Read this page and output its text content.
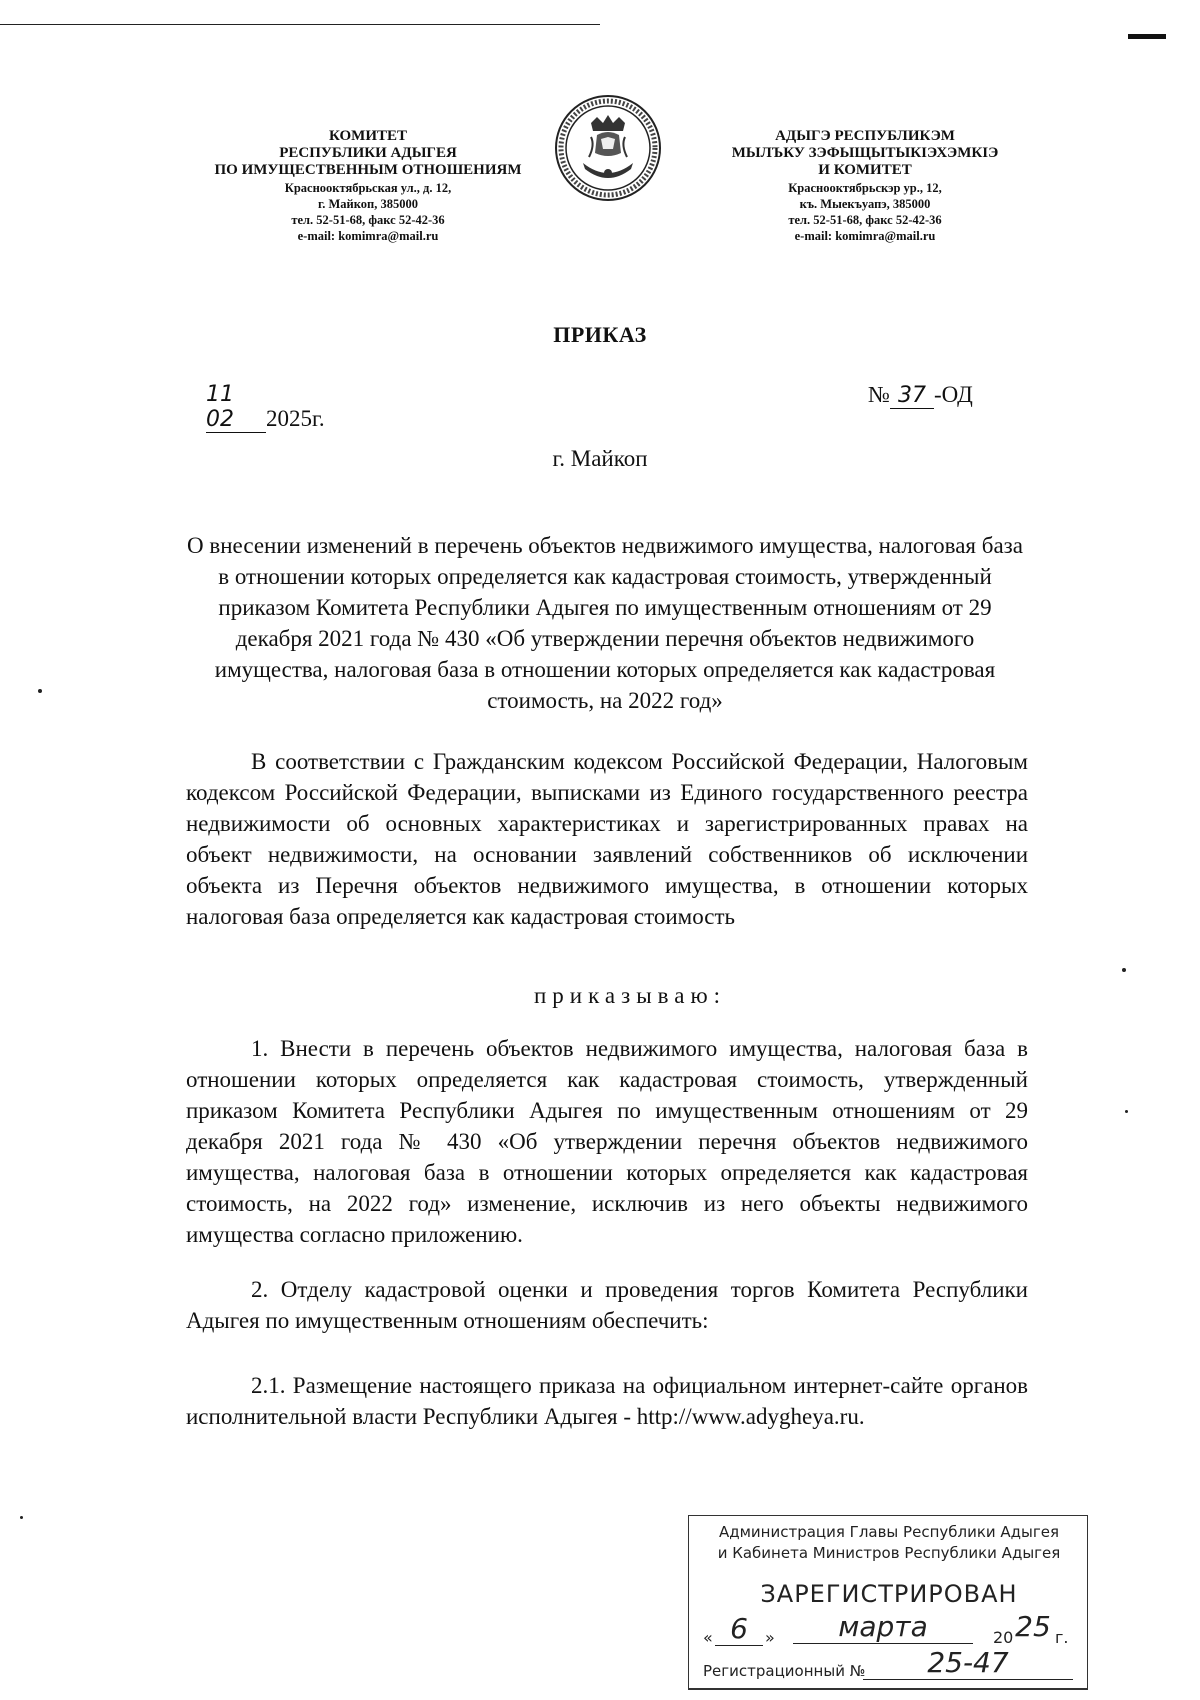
КОМИТЕТ
РЕСПУБЛИКИ АДЫГЕЯ
ПО ИМУЩЕСТВЕННЫМ ОТНОШЕНИЯМ
Краснооктябрьская ул., д. 12,
г. Майкоп, 385000
тел. 52-51-68, факс 52-42-36
e-mail: komimra@mail.ru
АДЫГЭ РЕСПУБЛИКЭМ
МЫЛЪКУ ЗЭФЫЩЫТЫКIЭХЭМКIЭ
И КОМИТЕТ
Краснооктябрьскэр ур., 12,
къ. Мыекъуапэ, 385000
тел. 52-51-68, факс 52-42-36
e-mail: komimra@mail.ru
ПРИКАЗ
11 02 2025г.
№ 37 -ОД
г. Майкоп
О внесении изменений в перечень объектов недвижимого имущества, налоговая база в отношении которых определяется как кадастровая стоимость, утвержденный приказом Комитета Республики Адыгея по имущественным отношениям от 29 декабря 2021 года № 430 «Об утверждении перечня объектов недвижимого имущества, налоговая база в отношении которых определяется как кадастровая стоимость, на 2022 год»

В соответствии с Гражданским кодексом Российской Федерации, Налоговым кодексом Российской Федерации, выписками из Единого государственного реестра недвижимости об основных характеристиках и зарегистрированных правах на объект недвижимости, на основании заявлений собственников об исключении объекта из Перечня объектов недвижимого имущества, в отношении которых налоговая база определяется как кадастровая стоимость

приказываю:

1. Внести в перечень объектов недвижимого имущества, налоговая база в отношении которых определяется как кадастровая стоимость, утвержденный приказом Комитета Республики Адыгея по имущественным отношениям от 29 декабря 2021 года № 430 «Об утверждении перечня объектов недвижимого имущества, налоговая база в отношении которых определяется как кадастровая стоимость, на 2022 год» изменение, исключив из него объекты недвижимого имущества согласно приложению.

2. Отделу кадастровой оценки и проведения торгов Комитета Республики Адыгея по имущественным отношениям обеспечить:

2.1. Размещение настоящего приказа на официальном интернет-сайте органов исполнительной власти Республики Адыгея - http://www.adygheya.ru.

Администрация Главы Республики Адыгея
и Кабинета Министров Республики Адыгея
ЗАРЕГИСТРИРОВАН
« 6	»	марта	20 25 г.
Регистрационный №	25-47
